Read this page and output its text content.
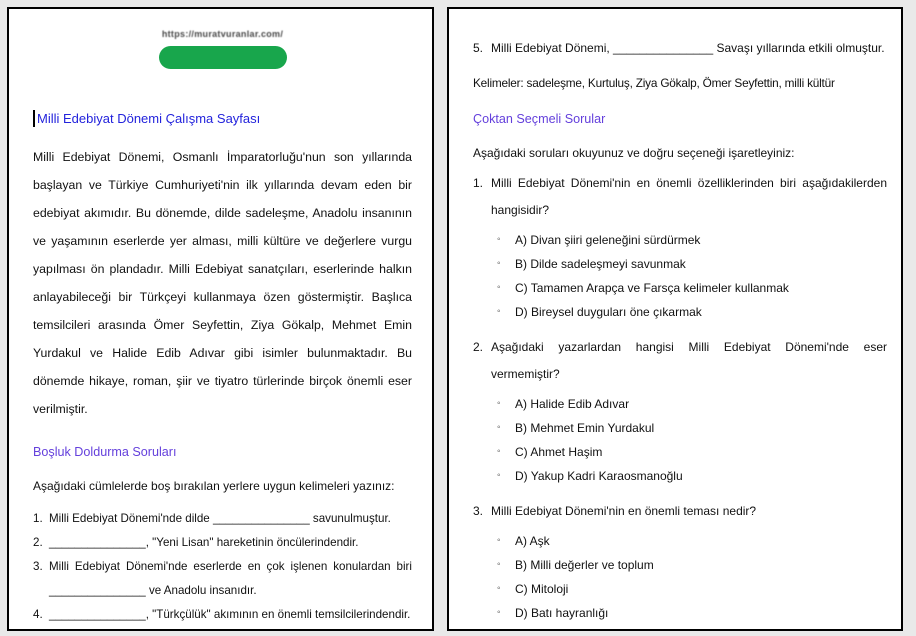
https://muratvuranlar.com/
Milli Edebiyat Dönemi Çalışma Sayfası

Milli Edebiyat Dönemi, Osmanlı İmparatorluğu'nun son yıllarında başlayan ve Türkiye Cumhuriyeti'nin ilk yıllarında devam eden bir edebiyat akımıdır. Bu dönemde, dilde sadeleşme, Anadolu insanının ve yaşamının eserlerde yer alması, milli kültüre ve değerlere vurgu yapılması ön plandadır. Milli Edebiyat sanatçıları, eserlerinde halkın anlayabileceği bir Türkçeyi kullanmaya özen göstermiştir. Başlıca temsilcileri arasında Ömer Seyfettin, Ziya Gökalp, Mehmet Emin Yurdakul ve Halide Edib Adıvar gibi isimler bulunmaktadır. Bu dönemde hikaye, roman, şiir ve tiyatro türlerinde birçok önemli eser verilmiştir.

Boşluk Doldurma Soruları

Aşağıdaki cümlelerde boş bırakılan yerlere uygun kelimeleri yazınız:

1. Milli Edebiyat Dönemi'nde dilde _______________ savunulmuştur.
2. _______________, "Yeni Lisan" hareketinin öncülerindendir.
3. Milli Edebiyat Dönemi'nde eserlerde en çok işlenen konulardan biri _______________ ve Anadolu insanıdır.
4. _______________, "Türkçülük" akımının en önemli temsilcilerindendir.
5. Milli Edebiyat Dönemi, _______________ Savaşı yıllarında etkili olmuştur.
Kelimeler: sadeleşme, Kurtuluş, Ziya Gökalp, Ömer Seyfettin, milli kültür
Çoktan Seçmeli Sorular

Aşağıdaki soruları okuyunuz ve doğru seçeneği işaretleyiniz:

1. Milli Edebiyat Dönemi'nin en önemli özelliklerinden biri aşağıdakilerden hangisidir?
◦	A) Divan şiiri geleneğini sürdürmek
◦	B) Dilde sadeleşmeyi savunmak
◦	C) Tamamen Arapça ve Farsça kelimeler kullanmak
◦	D) Bireysel duyguları öne çıkarmak
2. Aşağıdaki yazarlardan hangisi Milli Edebiyat Dönemi'nde eser vermemiştir?
◦	A) Halide Edib Adıvar
◦	B) Mehmet Emin Yurdakul
◦	C) Ahmet Haşim
◦	D) Yakup Kadri Karaosmanoğlu
3. Milli Edebiyat Dönemi'nin en önemli teması nedir?
◦	A) Aşk
◦	B) Milli değerler ve toplum
◦	C) Mitoloji
◦	D) Batı hayranlığı
